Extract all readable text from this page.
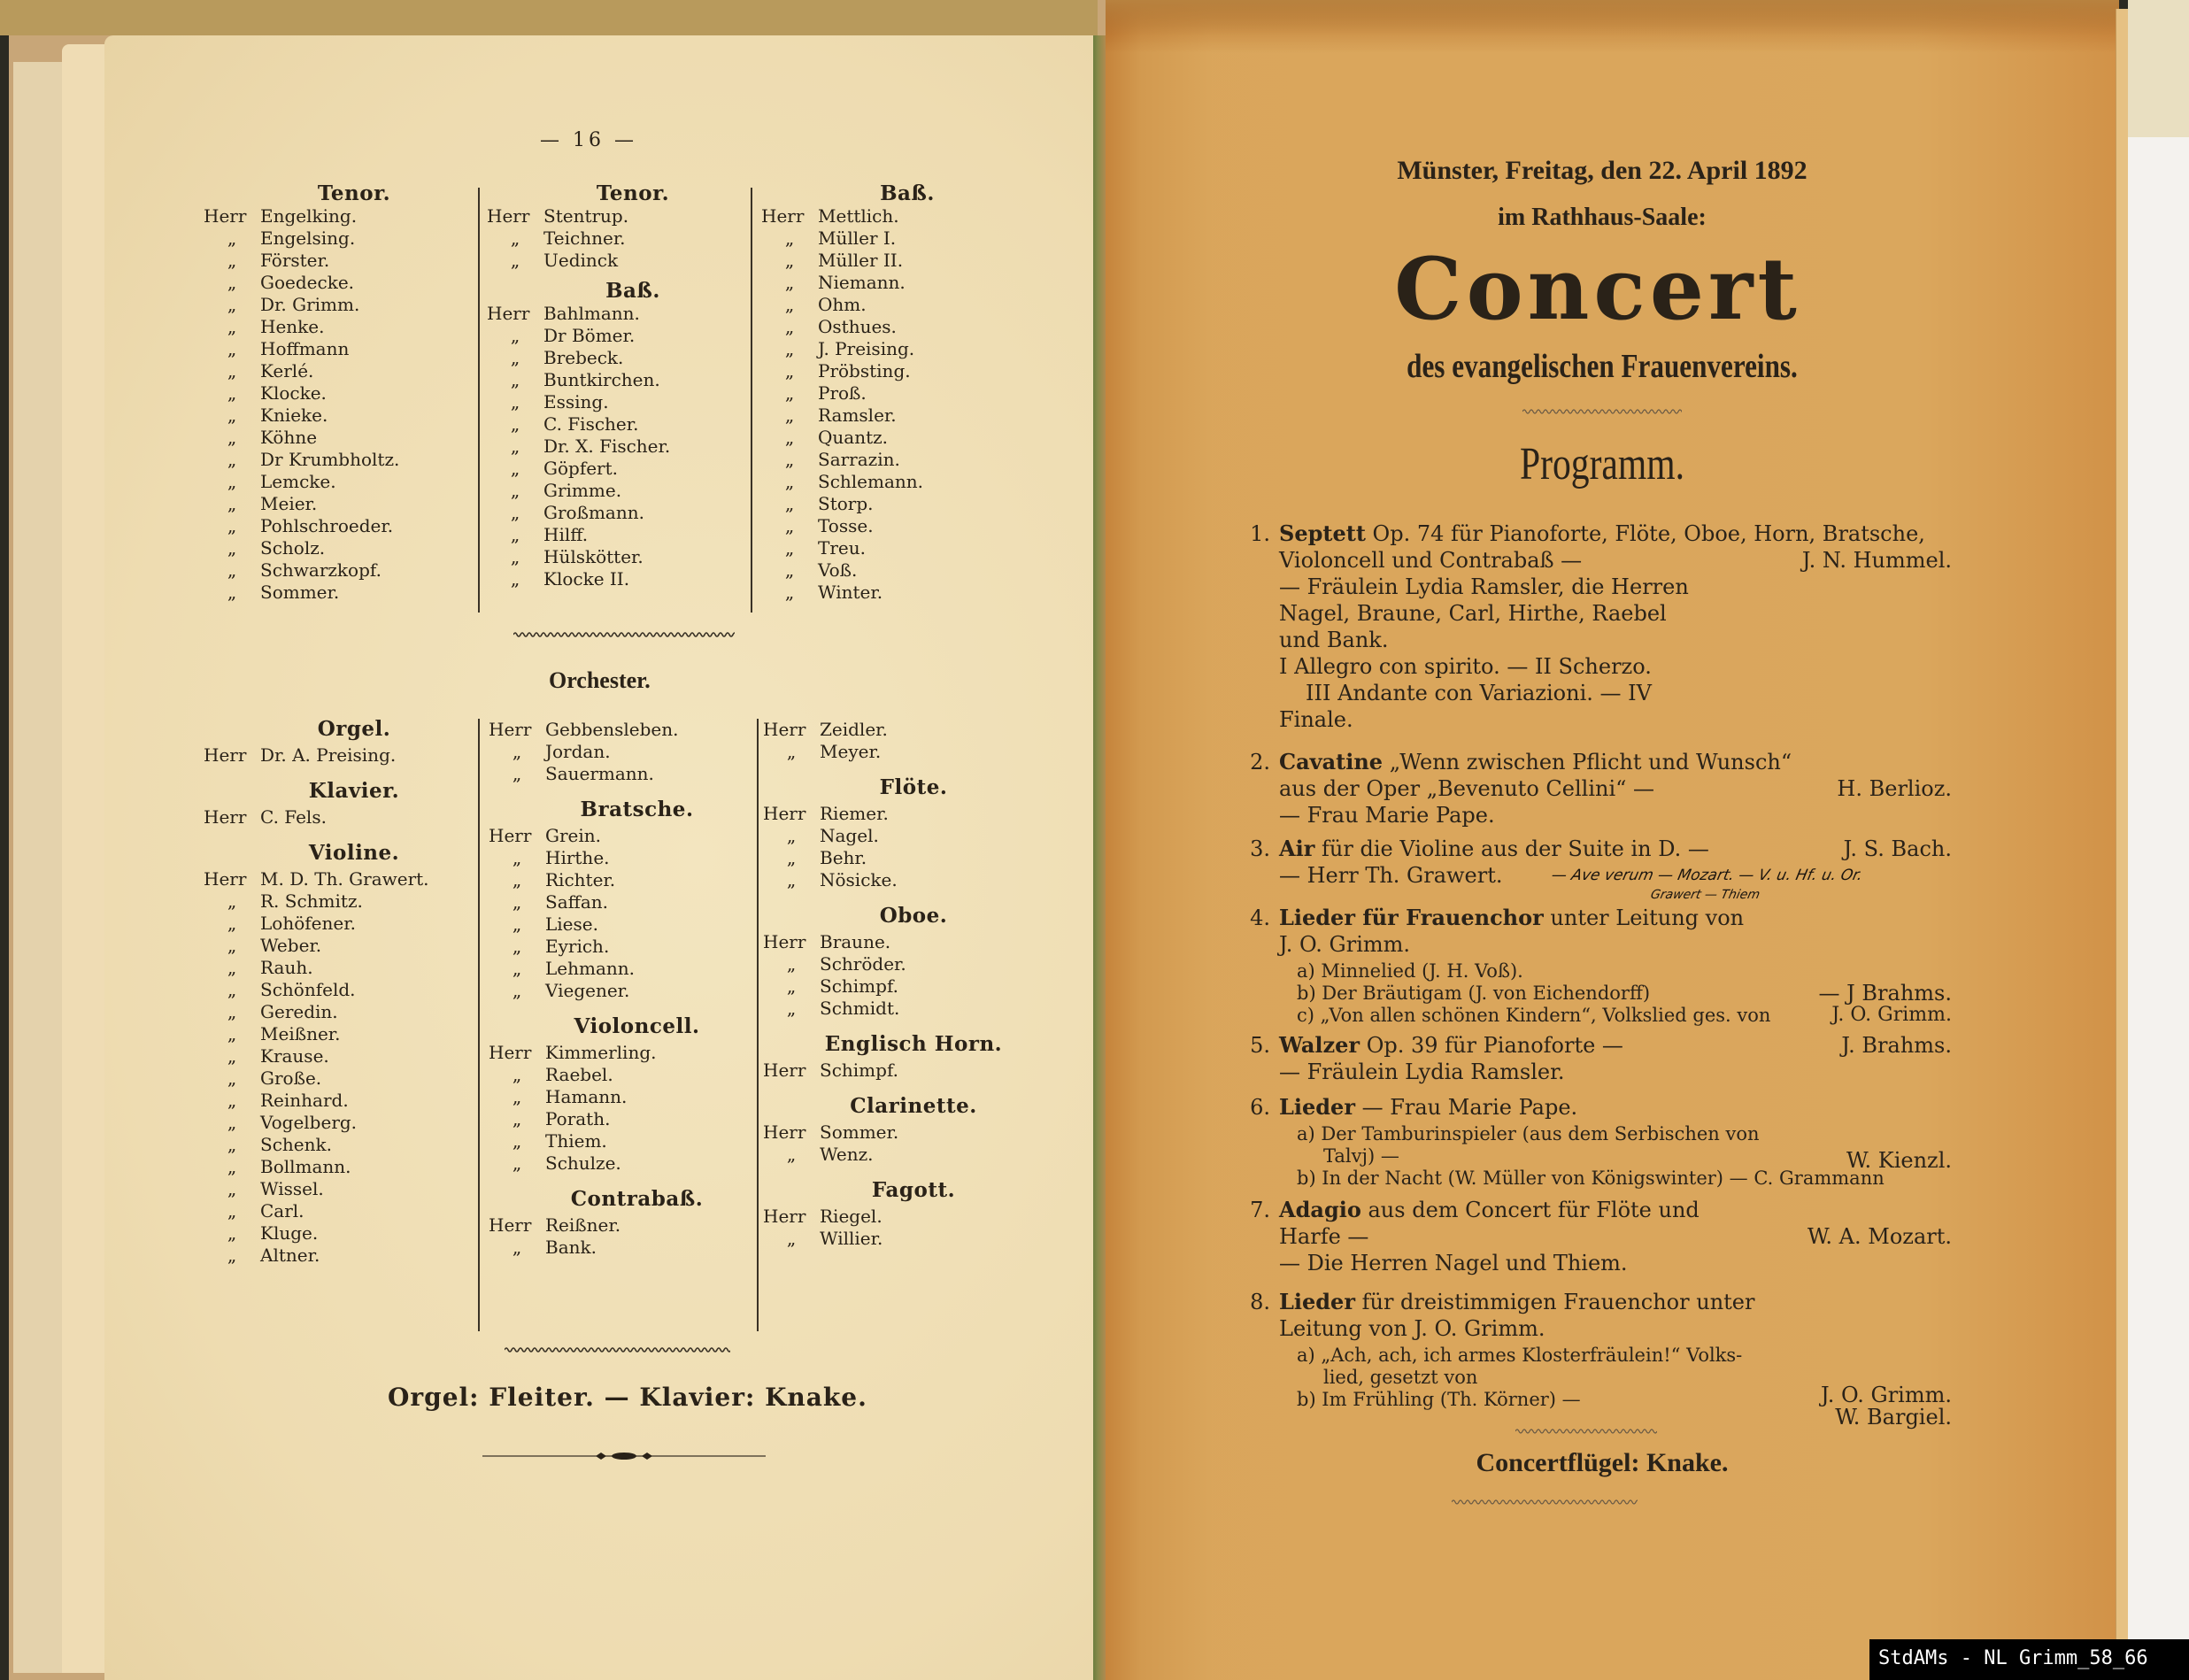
— 16 —
Tenor.
Herr Engelking.
„ Engelsing.
„ Förster.
„ Goedecke.
„ Dr. Grimm.
„ Henke.
„ Hoffmann
„ Kerlé.
„ Klocke.
„ Knieke.
„ Köhne
„ Dr Krumbholtz.
„ Lemcke.
„ Meier.
„ Pohlschroeder.
„ Scholz.
„ Schwarzkopf.
„ Sommer.
Tenor.
Herr Stentrup.
„ Teichner.
„ Uedinck
Baß.
Herr Bahlmann.
„ Dr Bömer.
„ Brebeck.
„ Buntkirchen.
„ Essing.
„ C. Fischer.
„ Dr. X. Fischer.
„ Göpfert.
„ Grimme.
„ Großmann.
„ Hilff.
„ Hülskötter.
„ Klocke II.
Baß.
Herr Mettlich.
„ Müller I.
„ Müller II.
„ Niemann.
„ Ohm.
„ Osthues.
„ J. Preising.
„ Pröbsting.
„ Proß.
„ Ramsler.
„ Quantz.
„ Sarrazin.
„ Schlemann.
„ Storp.
„ Tosse.
„ Treu.
„ Voß.
„ Winter.
Orchester.
Orgel.
Herr Dr. A. Preising.
Klavier.
Herr C. Fels.
Violine.
Herr M. D. Th. Grawert.
„ R. Schmitz.
„ Lohöfener.
„ Weber.
„ Rauh.
„ Schönfeld.
„ Geredin.
„ Meißner.
„ Krause.
„ Große.
„ Reinhard.
„ Vogelberg.
„ Schenk.
„ Bollmann.
„ Wissel.
„ Carl.
„ Kluge.
„ Altner.
Herr Gebbensleben.
„ Jordan.
„ Sauermann.
Bratsche.
Herr Grein.
„ Hirthe.
„ Richter.
„ Saffan.
„ Liese.
„ Eyrich.
„ Lehmann.
„ Viegener.
Violoncell.
Herr Kimmerling.
„ Raebel.
„ Hamann.
„ Porath.
„ Thiem.
„ Schulze.
Contrabaß.
Herr Reißner.
„ Bank.
Herr Zeidler.
„ Meyer.
Flöte.
Herr Riemer.
„ Nagel.
„ Behr.
„ Nösicke.
Oboe.
Herr Braune.
„ Schröder.
„ Schimpf.
„ Schmidt.
Englisch Horn.
Herr Schimpf.
Clarinette.
Herr Sommer.
„ Wenz.
Fagott.
Herr Riegel.
„ Willier.
Orgel: Fleiter. — Klavier: Knake.
Münster, Freitag, den 22. April 1892
im Rathhaus-Saale:
Concert
des evangelischen Frauenvereins.
Programm.
1. Septett Op. 74 für Pianoforte, Flöte, Oboe, Horn, Bratsche,
Violoncell und Contrabaß —
— Fräulein Lydia Ramsler, die Herren
Nagel, Braune, Carl, Hirthe, Raebel
und Bank.
I Allegro con spirito. — II Scherzo.
III Andante con Variazioni. — IV
Finale.
J. N. Hummel.
2. Cavatine „Wenn zwischen Pflicht und Wunsch“
aus der Oper „Bevenuto Cellini“ —
— Frau Marie Pape.
H. Berlioz.
3. Air für die Violine aus der Suite in D. —
— Herr Th. Grawert.
J. S. Bach.
— Ave verum — Mozart. — V. u. Hf. u. Or.
Grawert — Thiem
4. Lieder für Frauenchor unter Leitung von
J. O. Grimm.
a) Minnelied (J. H. Voß).
b) Der Bräutigam (J. von Eichendorff)
c) „Von allen schönen Kindern“, Volkslied ges. von
— J Brahms.
J. O. Grimm.
5. Walzer Op. 39 für Pianoforte —
— Fräulein Lydia Ramsler.
J. Brahms.
6. Lieder — Frau Marie Pape.
a) Der Tamburinspieler (aus dem Serbischen von
Talvj) —
b) In der Nacht (W. Müller von Königswinter) — C. Grammann
W. Kienzl.
7. Adagio aus dem Concert für Flöte und
Harfe —
— Die Herren Nagel und Thiem.
W. A. Mozart.
8. Lieder für dreistimmigen Frauenchor unter
Leitung von J. O. Grimm.
a) „Ach, ach, ich armes Klosterfräulein!“ Volks-
lied, gesetzt von
b) Im Frühling (Th. Körner) —	J. O. Grimm.
W. Bargiel.
Concertflügel: Knake.
StdAMs - NL Grimm_58_66
